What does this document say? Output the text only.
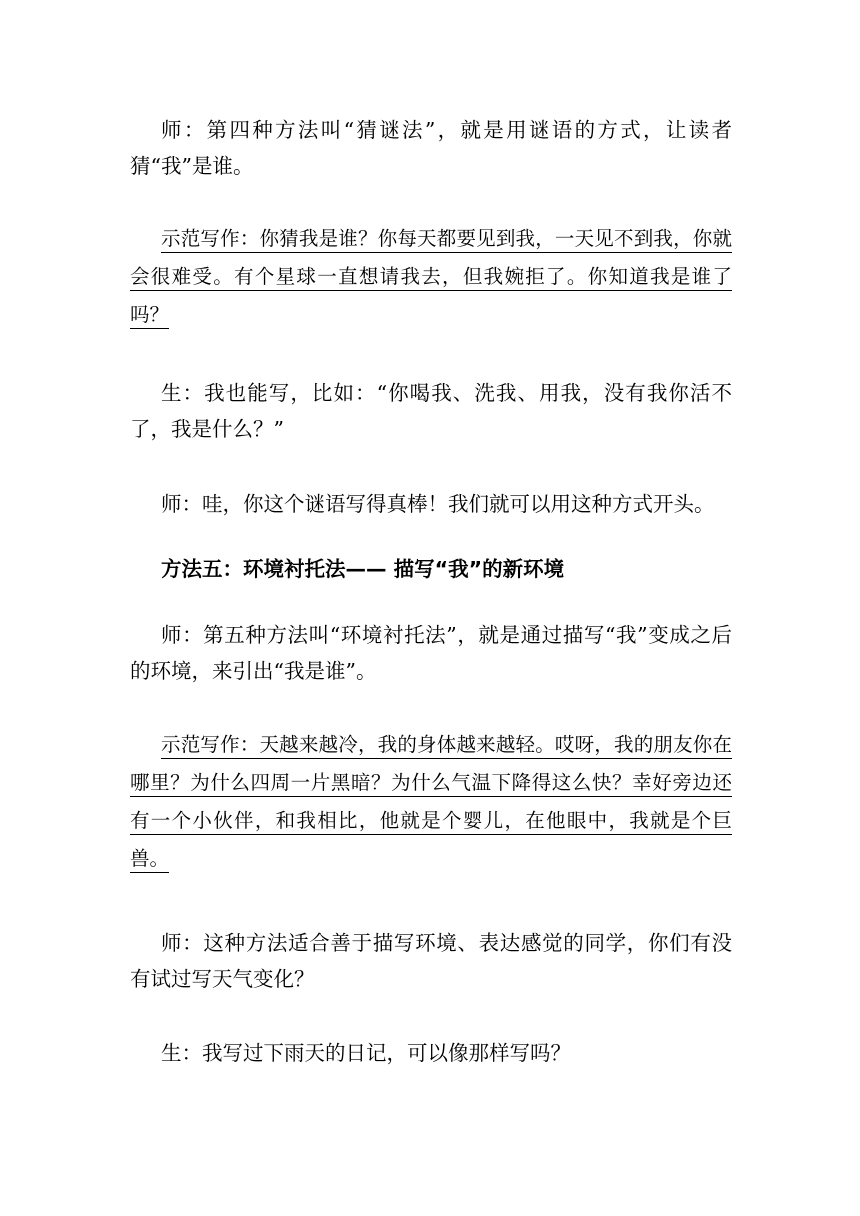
师：第四种方法叫“猜谜法”，就是用谜语的方式，让读者猜“我”是谁。

示范写作：你猜我是谁？你每天都要见到我，一天见不到我，你就会很难受。有个星球一直想请我去，但我婉拒了。你知道我是谁了吗？

生：我也能写，比如：“你喝我、洗我、用我，没有我你活不了，我是什么？”

师：哇，你这个谜语写得真棒！我们就可以用这种方式开头。

方法五：环境衬托法—— 描写“我”的新环境

师：第五种方法叫“环境衬托法”，就是通过描写“我”变成之后的环境，来引出“我是谁”。

示范写作：天越来越冷，我的身体越来越轻。哎呀，我的朋友你在哪里？为什么四周一片黑暗？为什么气温下降得这么快？幸好旁边还有一个小伙伴，和我相比，他就是个婴儿，在他眼中，我就是个巨兽。

师：这种方法适合善于描写环境、表达感觉的同学，你们有没有试过写天气变化？

生：我写过下雨天的日记，可以像那样写吗？
